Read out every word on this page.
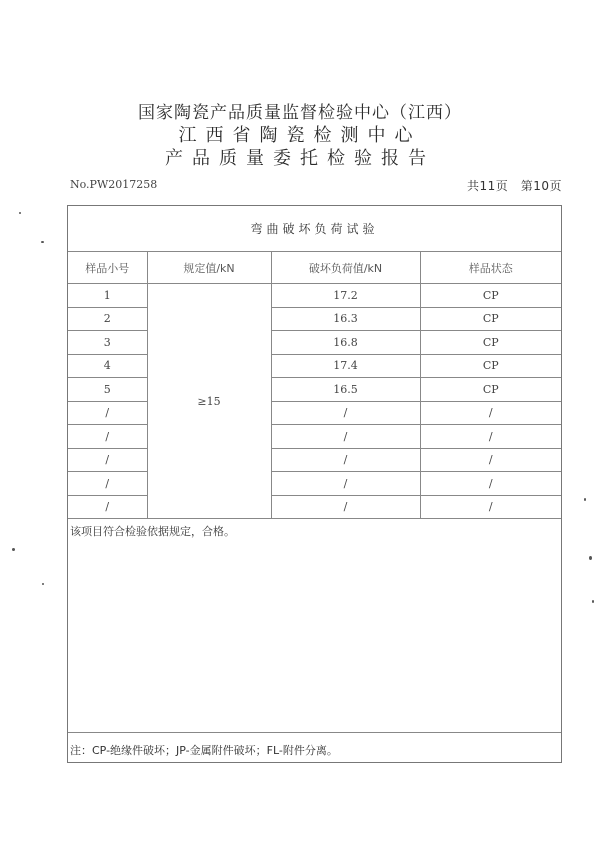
国家陶瓷产品质量监督检验中心（江西）
江西省陶瓷检测中心
产品质量委托检验报告
No.PW2017258	共11页　第10页
弯曲破坏负荷试验			
样品小号	规定值/kN	破坏负荷值/kN	样品状态
1	≥15	17.2	CP
2		16.3	CP
3		16.8	CP
4		17.4	CP
5		16.5	CP
/		/	/
/		/	/
/		/	/
/		/	/
/		/	/
该项目符合检验依据规定，合格。
注：CP-绝缘件破坏；JP-金属附件破坏；FL-附件分离。
